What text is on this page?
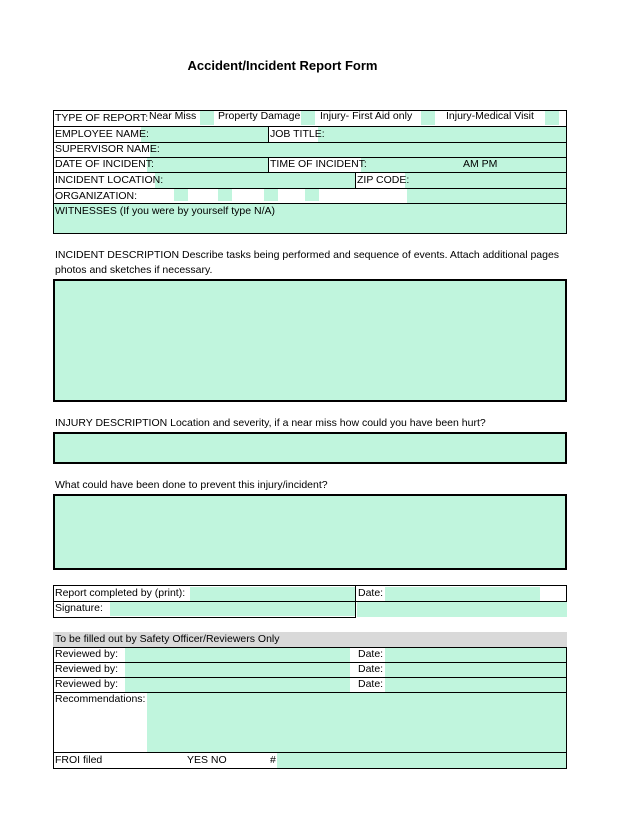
Accident/Incident Report Form
TYPE OF REPORT: Near Miss Property Damage Injury- First Aid only	Injury-Medical Visit
EMPLOYEE NAME:	JOB TITLE:
SUPERVISOR NAME:
DATE OF INCIDENT:	TIME OF INCIDENT:	AM PM
INCIDENT LOCATION:	ZIP CODE:
ORGANIZATION:
WITNESSES (If you were by yourself type N/A)
INCIDENT DESCRIPTION Describe tasks being performed and sequence of events. Attach additional pages photos and sketches if necessary.
INJURY DESCRIPTION Location and severity, if a near miss how could you have been hurt?
What could have been done to prevent this injury/incident?
Report completed by (print):	Date:
Signature:
To be filled out by Safety Officer/Reviewers Only
Reviewed by:	Date:
Reviewed by:	Date:
Reviewed by:	Date:
Recommendations:
FROI filed	YES NO	#
